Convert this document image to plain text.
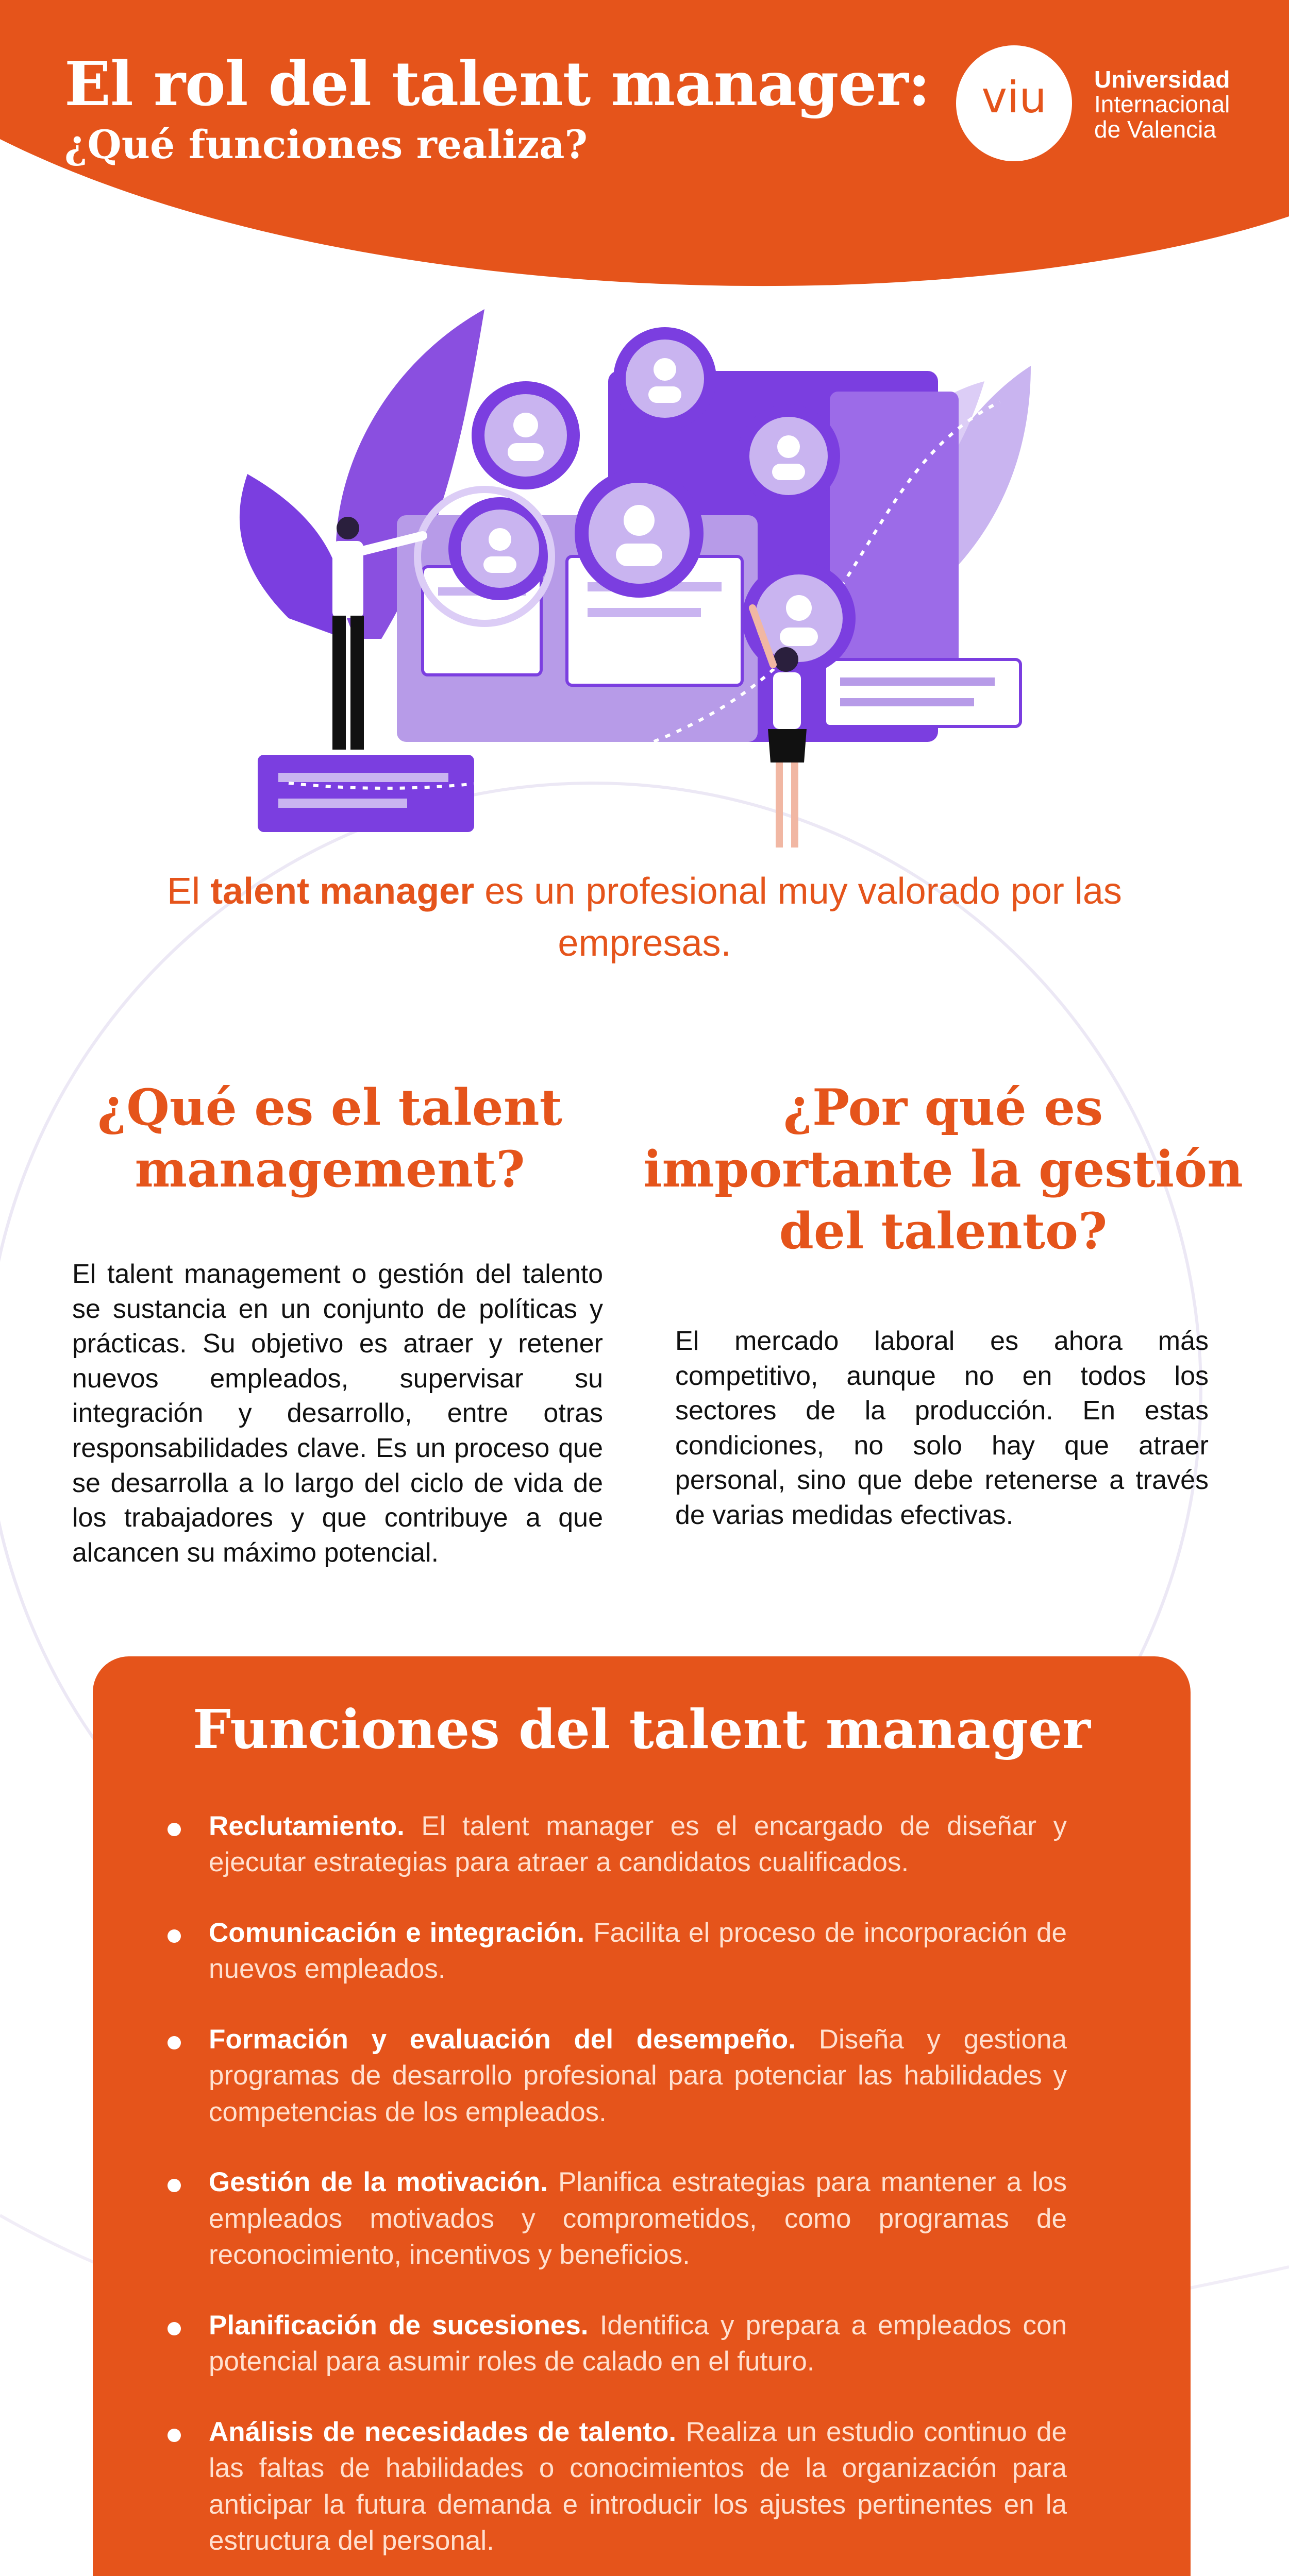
El rol del talent manager:
¿Qué funciones realiza?
viu	Universidad
Internacional
de Valencia
El talent manager es un profesional muy valorado por las empresas.
¿Qué es el talent management?
El talent management o gestión del talento se sustancia en un conjunto de políticas y prácticas. Su objetivo es atraer y retener nuevos empleados, supervisar su integración y desarrollo, entre otras responsabilidades clave. Es un proceso que se desarrolla a lo largo del ciclo de vida de los trabajadores y que contribuye a que alcancen su máximo potencial.
¿Por qué es importante la gestión del talento?
El mercado laboral es ahora más competitivo, aunque no en todos los sectores de la producción. En estas condiciones, no solo hay que atraer personal, sino que debe retenerse a través de varias medidas efectivas.
Funciones del talent manager
Reclutamiento. El talent manager es el encargado de diseñar y ejecutar estrategias para atraer a candidatos cualificados.
Comunicación e integración. Facilita el proceso de incorporación de nuevos empleados.
Formación y evaluación del desempeño. Diseña y gestiona programas de desarrollo profesional para potenciar las habilidades y competencias de los empleados.
Gestión de la motivación. Planifica estrategias para mantener a los empleados motivados y comprometidos, como programas de reconocimiento, incentivos y beneficios.
Planificación de sucesiones. Identifica y prepara a empleados con potencial para asumir roles de calado en el futuro.
Análisis de necesidades de talento. Realiza un estudio continuo de las faltas de habilidades o conocimientos de la organización para anticipar la futura demanda e introducir los ajustes pertinentes en la estructura del personal.
